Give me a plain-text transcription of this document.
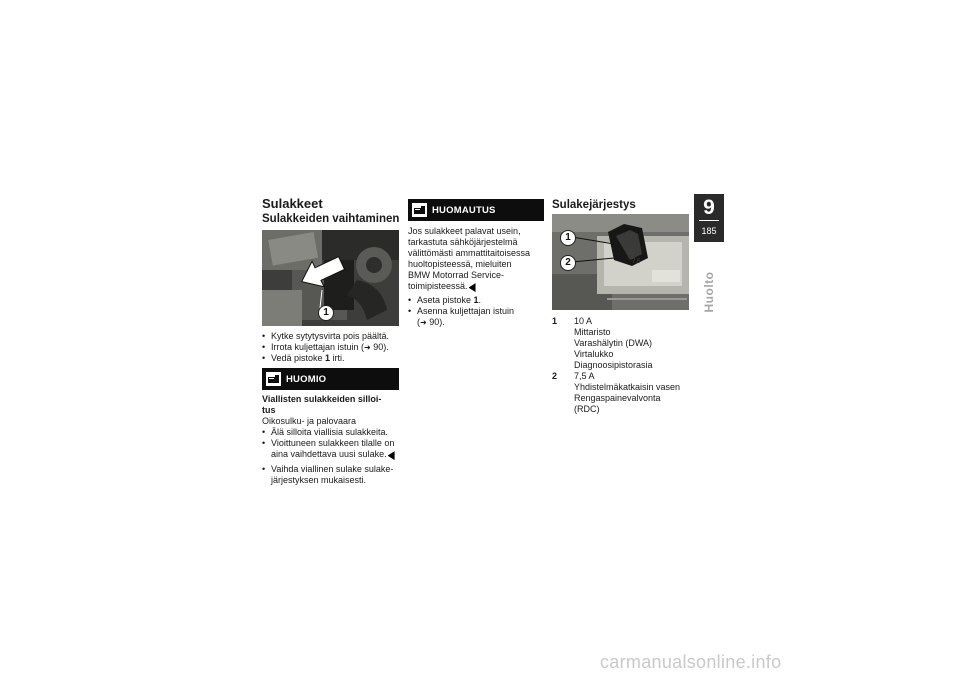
Sulakkeet
Sulakkeiden vaihtaminen
1
• Kytke sytytysvirta pois päältä.
• Irrota kuljettajan istuin (➜ 90).
• Vedä pistoke 1 irti.
HUOMIO
Viallisten sulakkeiden silloi-
tus
Oikosulku- ja palovaara
• Älä silloita viallisia sulakkeita.
• Vioittuneen sulakkeen tilalle on
aina vaihdettava uusi sulake.
• Vaihda viallinen sulake sulake-
järjestyksen mukaisesti.
HUOMAUTUS
Jos sulakkeet palavat usein,
tarkastuta sähköjärjestelmä
välittömästi ammattitaitoisessa
huoltopisteessä, mieluiten
BMW Motorrad Service-
toimipisteessä.
• Aseta pistoke 1.
• Asenna kuljettajan istuin
(➜ 90).
Sulakejärjestys
10
7,5
1
2
1	10 A
Mittaristo
Varashälytin (DWA)
Virtalukko
Diagnoosipistorasia
2	7,5 A
Yhdistelmäkatkaisin vasen
Rengaspainevalvonta
(RDC)
9
185
Huolto
carmanualsonline.info
